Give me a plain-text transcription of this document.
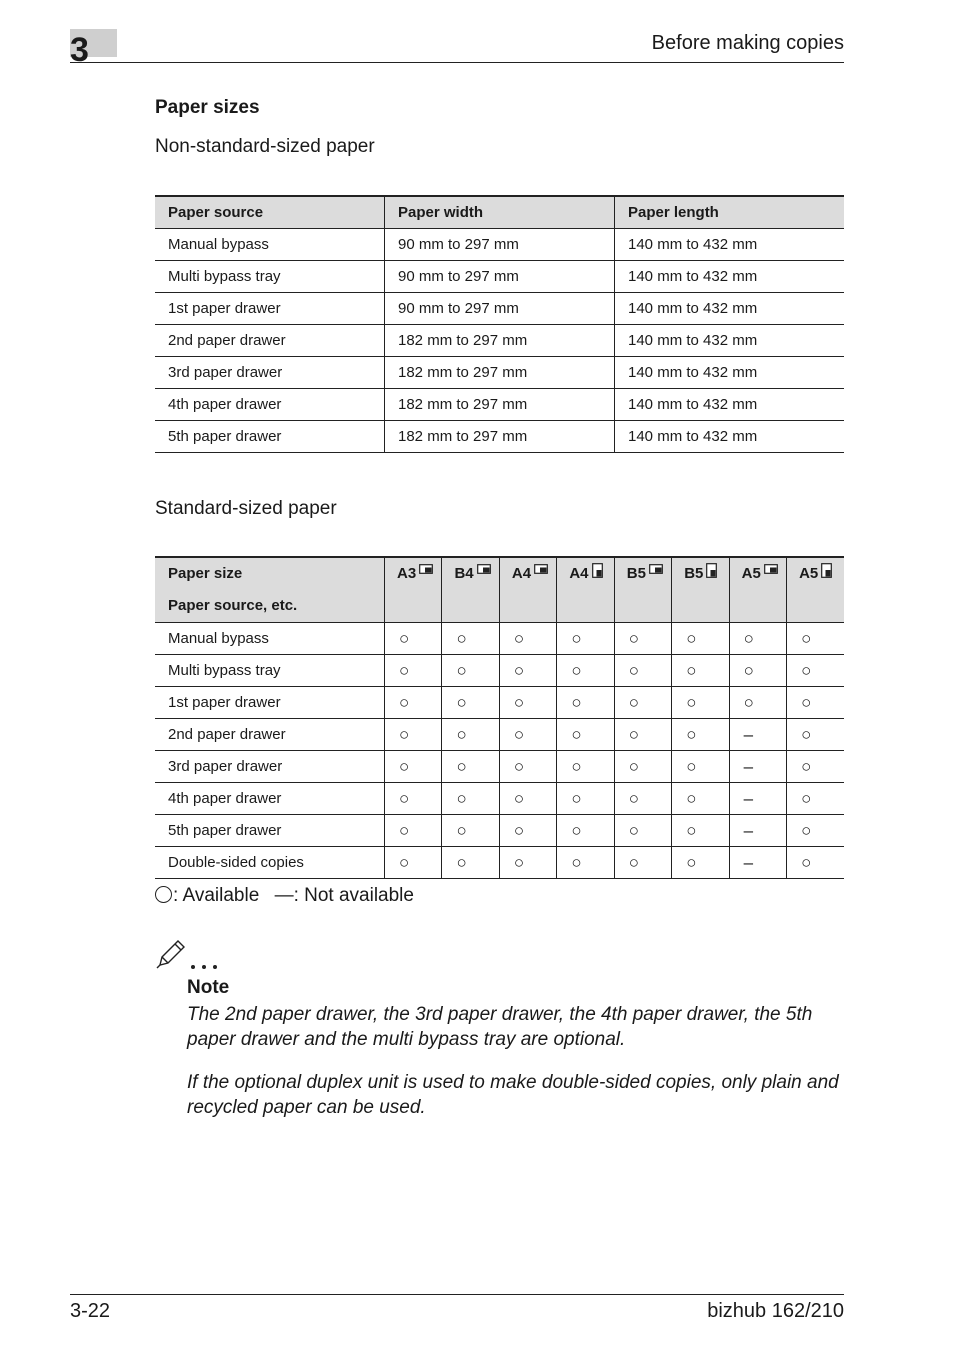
3	Before making copies
Paper sizes
Non-standard-sized paper
Paper source	Paper width	Paper length
Manual bypass	90 mm to 297 mm	140 mm to 432 mm
Multi bypass tray	90 mm to 297 mm	140 mm to 432 mm
1st paper drawer	90 mm to 297 mm	140 mm to 432 mm
2nd paper drawer	182 mm to 297 mm	140 mm to 432 mm
3rd paper drawer	182 mm to 297 mm	140 mm to 432 mm
4th paper drawer	182 mm to 297 mm	140 mm to 432 mm
5th paper drawer	182 mm to 297 mm	140 mm to 432 mm
Standard-sized paper
Paper size
Paper source, etc.	A3	B4	A4	A4	B5	B5	A5	A5

Manual bypass	○	○	○	○	○	○	○	○
Multi bypass tray	○	○	○	○	○	○	○	○
1st paper drawer	○	○	○	○	○	○	○	○
2nd paper drawer	○	○	○	○	○	○	–	○
3rd paper drawer	○	○	○	○	○	○	–	○
4th paper drawer	○	○	○	○	○	○	–	○
5th paper drawer	○	○	○	○	○	○	–	○
Double-sided copies	○	○	○	○	○	○	–	○
: Available —: Not available
Note
The 2nd paper drawer, the 3rd paper drawer, the 4th paper drawer, the 5th paper drawer and the multi bypass tray are optional.
If the optional duplex unit is used to make double-sided copies, only plain and recycled paper can be used.
3-22	bizhub 162/210
